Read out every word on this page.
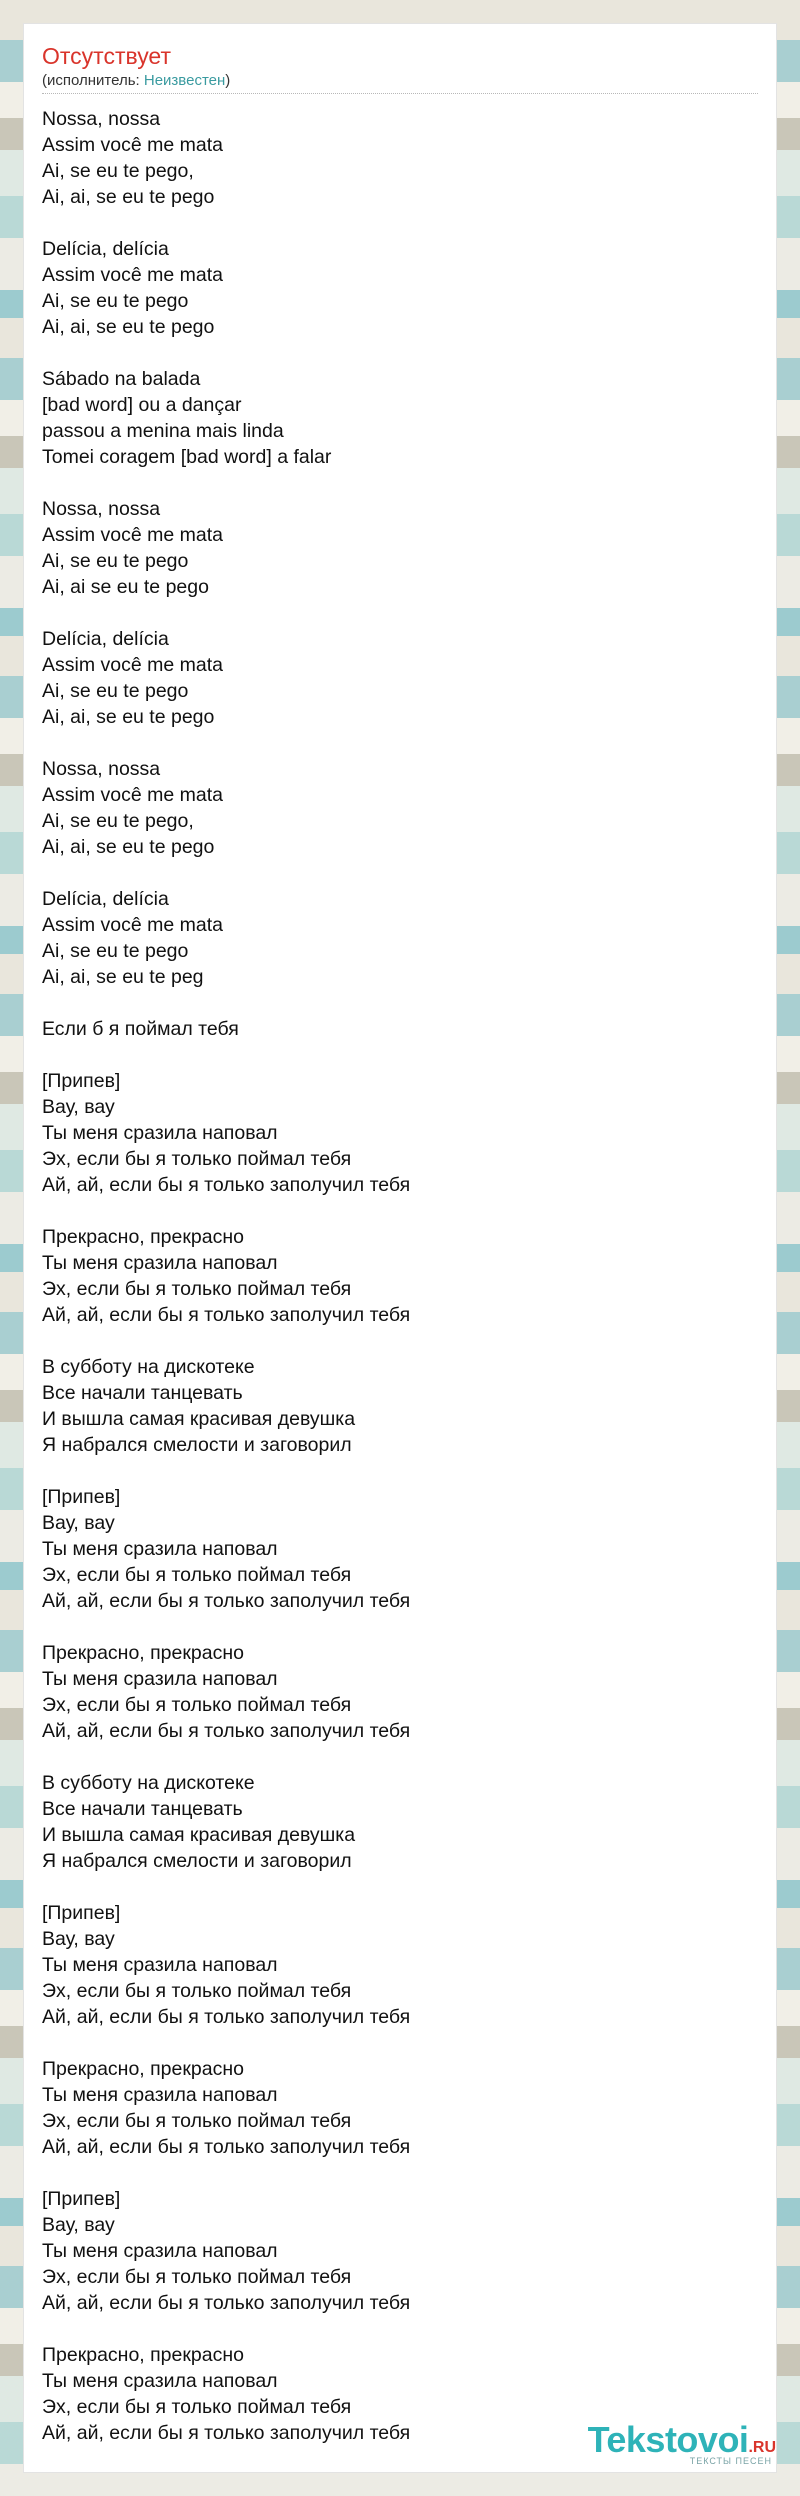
Отсутствует
(исполнитель: Неизвестен)
Nossa, nossa
Assim você me mata
Ai, se eu te pego,
Ai, ai, se eu te pego
Delícia, delícia
Assim você me mata
Ai, se eu te pego
Ai, ai, se eu te pego
Sábado na balada
[bad word] ou a dançar
passou a menina mais linda
Tomei coragem [bad word] a falar
Nossa, nossa
Assim você me mata
Ai, se eu te pego
Ai, ai se eu te pego
Delícia, delícia
Assim você me mata
Ai, se eu te pego
Ai, ai, se eu te pego
Nossa, nossa
Assim você me mata
Ai, se eu te pego,
Ai, ai, se eu te pego
Delícia, delícia
Assim você me mata
Ai, se eu te pego
Ai, ai, se eu te peg
Если б я поймал тебя
[Припев]
Вау, вау
Ты меня сразила наповал
Эх, если бы я только поймал тебя
Ай, ай, если бы я только заполучил тебя
Прекрасно, прекрасно
Ты меня сразила наповал
Эх, если бы я только поймал тебя
Ай, ай, если бы я только заполучил тебя
В субботу на дискотеке
Все начали танцевать
И вышла самая красивая девушка
Я набрался смелости и заговорил
[Припев]
Вау, вау
Ты меня сразила наповал
Эх, если бы я только поймал тебя
Ай, ай, если бы я только заполучил тебя
Прекрасно, прекрасно
Ты меня сразила наповал
Эх, если бы я только поймал тебя
Ай, ай, если бы я только заполучил тебя
В субботу на дискотеке
Все начали танцевать
И вышла самая красивая девушка
Я набрался смелости и заговорил
[Припев]
Вау, вау
Ты меня сразила наповал
Эх, если бы я только поймал тебя
Ай, ай, если бы я только заполучил тебя
Прекрасно, прекрасно
Ты меня сразила наповал
Эх, если бы я только поймал тебя
Ай, ай, если бы я только заполучил тебя
[Припев]
Вау, вау
Ты меня сразила наповал
Эх, если бы я только поймал тебя
Ай, ай, если бы я только заполучил тебя
Прекрасно, прекрасно
Ты меня сразила наповал
Эх, если бы я только поймал тебя
Ай, ай, если бы я только заполучил тебя	Tekstovoi.RU
ТЕКСТЫ ПЕСЕН
